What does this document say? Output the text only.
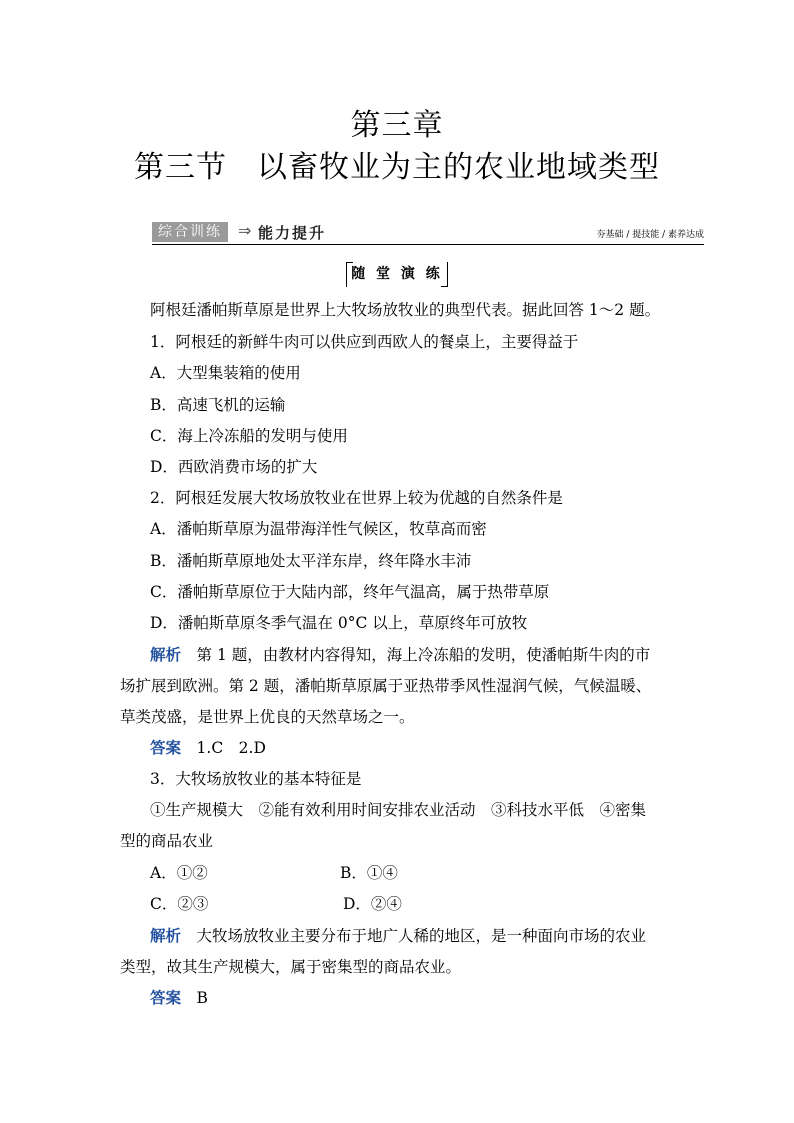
第三章
第三节 以畜牧业为主的农业地域类型
综合训练	⇒ 能力提升	夯基础 / 提技能 / 素养达成
随 堂 演 练
阿根廷潘帕斯草原是世界上大牧场放牧业的典型代表。据此回答 1～2 题。
1．阿根廷的新鲜牛肉可以供应到西欧人的餐桌上，主要得益于
A．大型集装箱的使用
B．高速飞机的运输
C．海上冷冻船的发明与使用
D．西欧消费市场的扩大
2．阿根廷发展大牧场放牧业在世界上较为优越的自然条件是
A．潘帕斯草原为温带海洋性气候区，牧草高而密
B．潘帕斯草原地处太平洋东岸，终年降水丰沛
C．潘帕斯草原位于大陆内部，终年气温高，属于热带草原
D．潘帕斯草原冬季气温在 0°C 以上，草原终年可放牧
解析　 第 1 题，由教材内容得知，海上冷冻船的发明，使潘帕斯牛肉的市
场扩展到欧洲。第 2 题，潘帕斯草原属于亚热带季风性湿润气候，气候温暖、
草类茂盛，是世界上优良的天然草场之一。
答案　 1.C　2.D
3．大牧场放牧业的基本特征是
①生产规模大　②能有效利用时间安排农业活动　③科技水平低　④密集
型的商品农业
A．①②	B．①④
C．②③	D．②④
解析　 大牧场放牧业主要分布于地广人稀的地区，是一种面向市场的农业
类型，故其生产规模大，属于密集型的商品农业。
答案　 B
